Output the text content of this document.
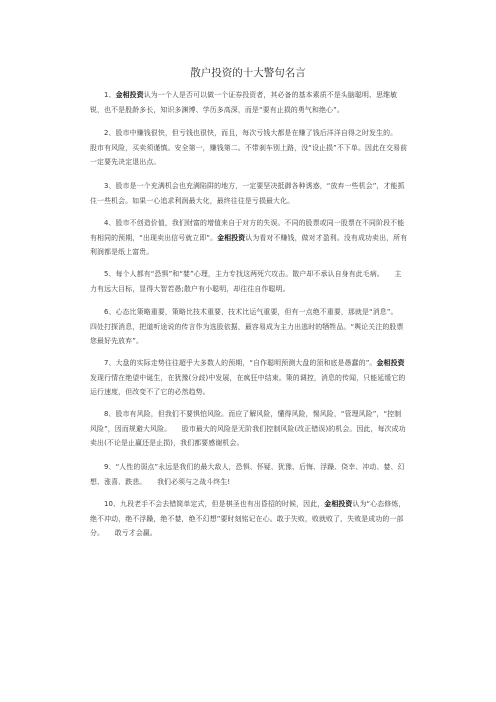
散户投资的十大警句名言

1、金相投资认为一个人是否可以做一个证券投资者，其必备的基本素质不是头脑聪明、思维敏锐，也不是股龄多长，知识多渊博、学历多高深，而是“要有止损的勇气和绝心”。

2、股市中赚钱很快，但亏钱也很快，而且，每次亏钱大都是在赚了钱后洋洋自得之时发生的。　　股市有风险，买卖须谨慎。安全第一，赚钱第二。不带刹车别上路，没“设止损”不下单。因此在交易前一定要先决定退出点。

3、股市是一个充满机会也充满陷阱的地方，一定要坚决抵御各种诱惑，“放弃一些机会”，才能抓住一些机会。如果一心追求利润最大化，最终往往是亏损最大化。

4、股市不创造价值，我们财富的增值来自于对方的失误。不同的股票或同一股票在不同阶段不能有相同的预期，“出现卖出信号就立即”。金相投资认为看对不赚钱，做对才盈利。没有成功卖出，所有利润都是纸上富贵。

5、每个人都有“恐惧”和“婪”心理，主力专找这两死穴攻击。散户却不承认自身有此毛病。　　主力有远大目标，显得大智若愚;散户有小聪明，却往往自作聪明。

6、心态比策略重要，策略比技术重要，技术比运气重要，但有一点绝不重要，那就是“消息”。　　四处打探消息，把道听途说的传言作为选股依据，最容易成为主力出逃时的牺牲品。“舆论关注的股票您最好先放弃”。

7、大盘的实际走势往往超乎大多数人的预期，“自作聪明预测大盘的顶和底是愚蠢的”。金相投资发现行情在绝望中诞生，在犹豫(分歧)中发展，在疯狂中结束。策的调控，消息的传闻，只能延缓它的运行速度，但改变不了它的必然趋势。

8、股市有风险，但我们不要惧怕风险。而应了解风险，懂得风险，惕风险，“管理风险”，“控制风险”，因而规避大风险。　　股市最大的风险是无阶我们控制风险(改正错误)的机会。因此，每次成功卖出(不论是止赢还是止损)，我们都要感谢机会。

9、“人性的弱点”永远是我们的最大敌人，恐惧、怀疑、犹豫、后悔、浮躁、侥幸、冲动、婪、幻想、涨喜、跌悲。　　我们必须与之战斗终生!

10、九段老手不会去错简单定式，但是棋圣也有出昏招的时候，因此，金相投资认为“心态修炼，　　绝不冲动，绝不浮躁，绝不婪，绝不幻想”要时刻铭记在心。敢于失败，败就败了，失败是成功的一部分。　　敢亏才会赢。
